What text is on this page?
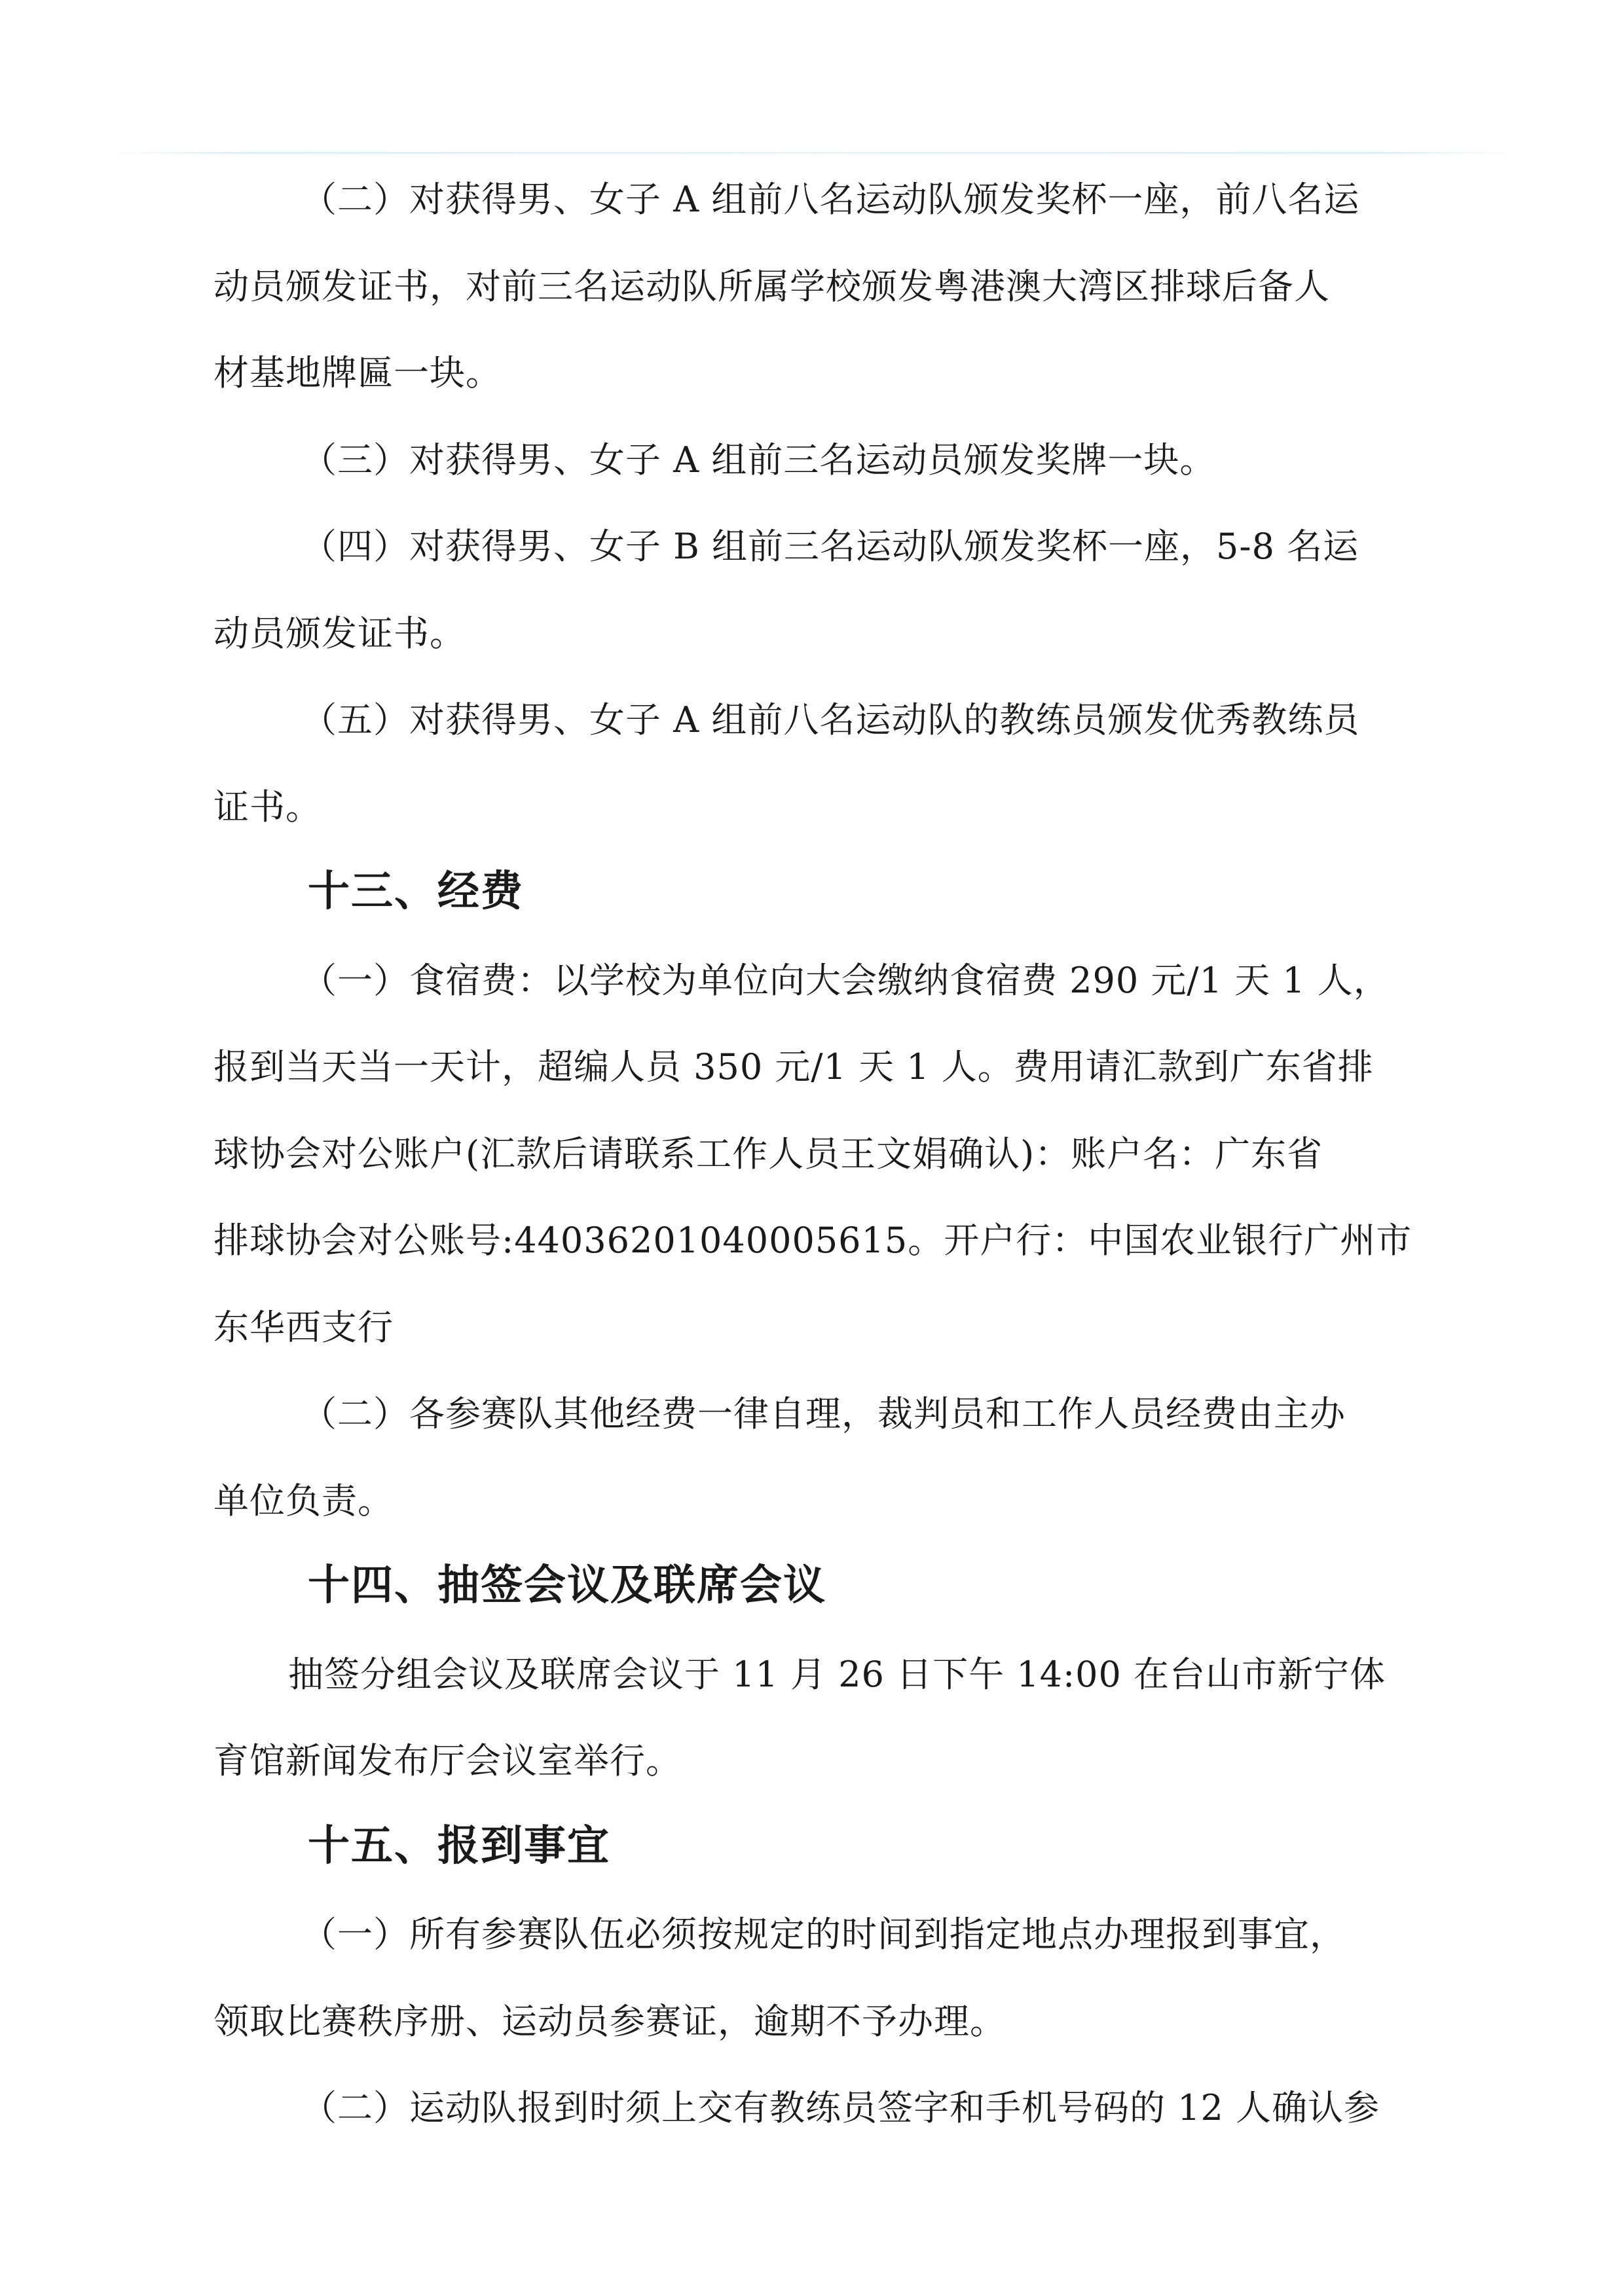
（二）对获得男、女子 A 组前八名运动队颁发奖杯一座，前八名运
动员颁发证书，对前三名运动队所属学校颁发粤港澳大湾区排球后备人
材基地牌匾一块。
（三）对获得男、女子 A 组前三名运动员颁发奖牌一块。
（四）对获得男、女子 B 组前三名运动队颁发奖杯一座，5-8 名运
动员颁发证书。
（五）对获得男、女子 A 组前八名运动队的教练员颁发优秀教练员
证书。
十三、经费
（一）食宿费：以学校为单位向大会缴纳食宿费 290 元/1 天 1 人，
报到当天当一天计，超编人员 350 元/1 天 1 人。费用请汇款到广东省排
球协会对公账户(汇款后请联系工作人员王文娟确认)：账户名：广东省
排球协会对公账号:44036201040005615。开户行：中国农业银行广州市
东华西支行
（二）各参赛队其他经费一律自理，裁判员和工作人员经费由主办
单位负责。
十四、抽签会议及联席会议
抽签分组会议及联席会议于 11 月 26 日下午 14:00 在台山市新宁体
育馆新闻发布厅会议室举行。
十五、报到事宜
（一）所有参赛队伍必须按规定的时间到指定地点办理报到事宜，
领取比赛秩序册、运动员参赛证，逾期不予办理。
（二）运动队报到时须上交有教练员签字和手机号码的 12 人确认参
